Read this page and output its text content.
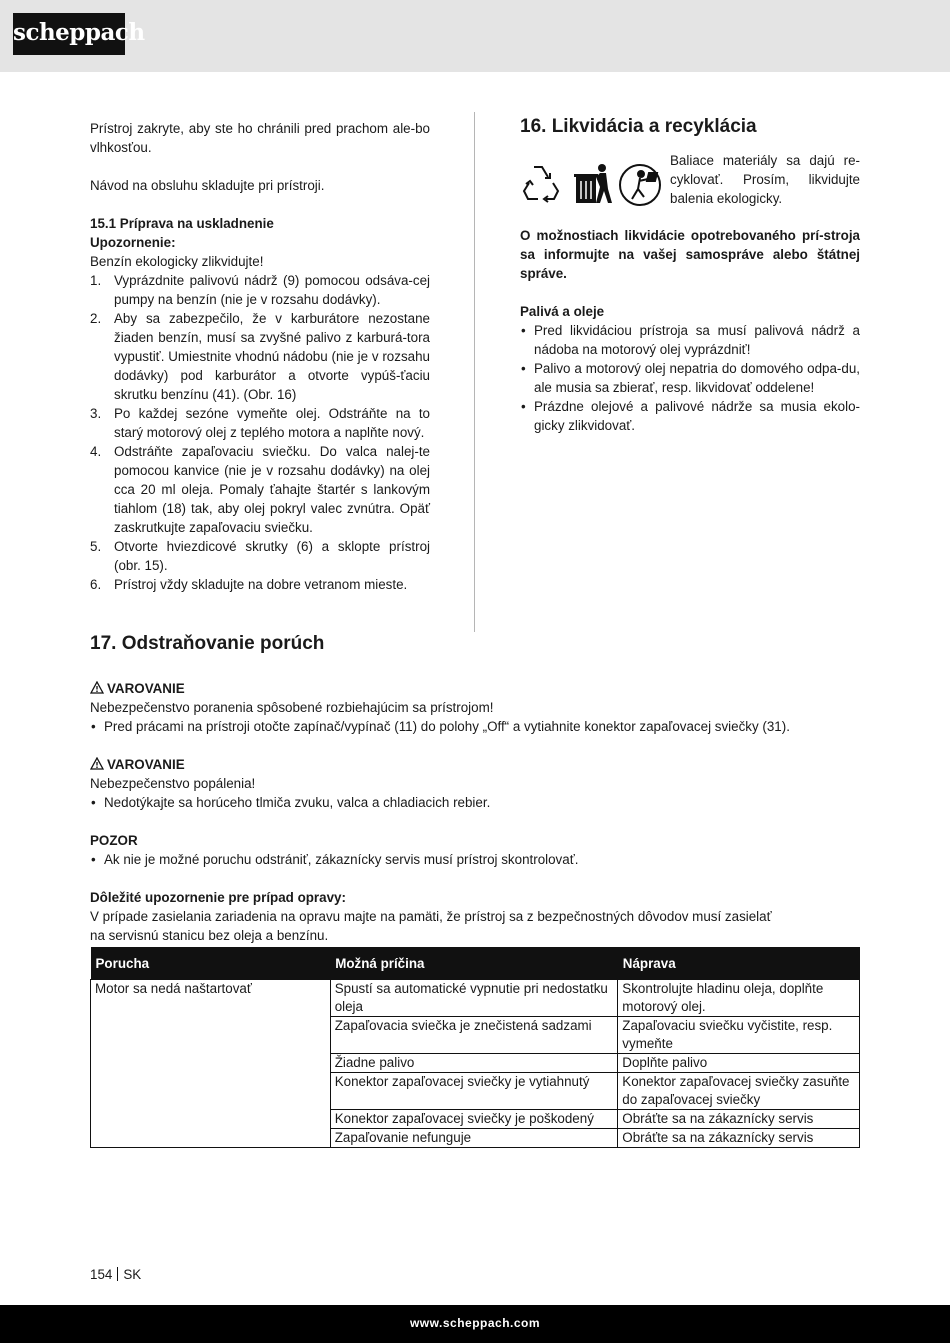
scheppach

Prístroj zakryte, aby ste ho chránili pred prachom ale-bo vlhkosťou.

Návod na obsluhu skladujte pri prístroji.

15.1 Príprava na uskladnenie

Upozornenie:

Benzín ekologicky zlikvidujte!

1. Vyprázdnite palivovú nádrž (9) pomocou odsáva-cej pumpy na benzín (nie je v rozsahu dodávky).
2. Aby sa zabezpečilo, že v karburátore nezostane žiaden benzín, musí sa zvyšné palivo z karburá-tora vypustiť. Umiestnite vhodnú nádobu (nie je v rozsahu dodávky) pod karburátor a otvorte vypúš-ťaciu skrutku benzínu (41). (Obr. 16)
3. Po každej sezóne vymeňte olej. Odstráňte na to starý motorový olej z teplého motora a naplňte nový.
4. Odstráňte zapaľovaciu sviečku. Do valca nalej-te pomocou kanvice (nie je v rozsahu dodávky) na olej cca 20 ml oleja. Pomaly ťahajte štartér s lankovým tiahlom (18) tak, aby olej pokryl valec zvnútra. Opäť zaskrutkujte zapaľovaciu sviečku.
5. Otvorte hviezdicové skrutky (6) a sklopte prístroj (obr. 15).
6. Prístroj vždy skladujte na dobre vetranom mieste.
16. Likvidácia a recyklácia

Baliace materiály sa dajú re-cyklovať. Prosím, likvidujte balenia ekologicky.

O možnostiach likvidácie opotrebovaného prí-stroja sa informujte na vašej samospráve alebo štátnej správe.

Palivá a oleje

• Pred likvidáciou prístroja sa musí palivová nádrž a nádoba na motorový olej vyprázdniť!
• Palivo a motorový olej nepatria do domového odpa-du, ale musia sa zbierať, resp. likvidovať oddelene!
• Prázdne olejové a palivové nádrže sa musia ekolo-gicky zlikvidovať.
17. Odstraňovanie porúch

VAROVANIE

Nebezpečenstvo poranenia spôsobené rozbiehajúcim sa prístrojom!

• Pred prácami na prístroji otočte zapínač/vypínač (11) do polohy „Off“ a vytiahnite konektor zapaľovacej sviečky (31).

VAROVANIE

Nebezpečenstvo popálenia!

• Nedotýkajte sa horúceho tlmiča zvuku, valca a chladiacich rebier.

POZOR

• Ak nie je možné poruchu odstrániť, zákaznícky servis musí prístroj skontrolovať.

Dôležité upozornenie pre prípad opravy:

V prípade zasielania zariadenia na opravu majte na pamäti, že prístroj sa z bezpečnostných dôvodov musí zasielať

na servisnú stanicu bez oleja a benzínu.

Porucha	Možná príčina	Náprava
Motor sa nedá naštartovať	Spustí sa automatické vypnutie pri nedostatku oleja	Skontrolujte hladinu oleja, doplňte motorový olej.
	Zapaľovacia sviečka je znečistená sadzami	Zapaľovaciu sviečku vyčistite, resp. vymeňte
	Žiadne palivo	Doplňte palivo
	Konektor zapaľovacej sviečky je vytiahnutý	Konektor zapaľovacej sviečky zasuňte do zapaľovacej sviečky
	Konektor zapaľovacej sviečky je poškodený	Obráťte sa na zákaznícky servis
	Zapaľovanie nefunguje	Obráťte sa na zákaznícky servis
154 SK
www.scheppach.com
